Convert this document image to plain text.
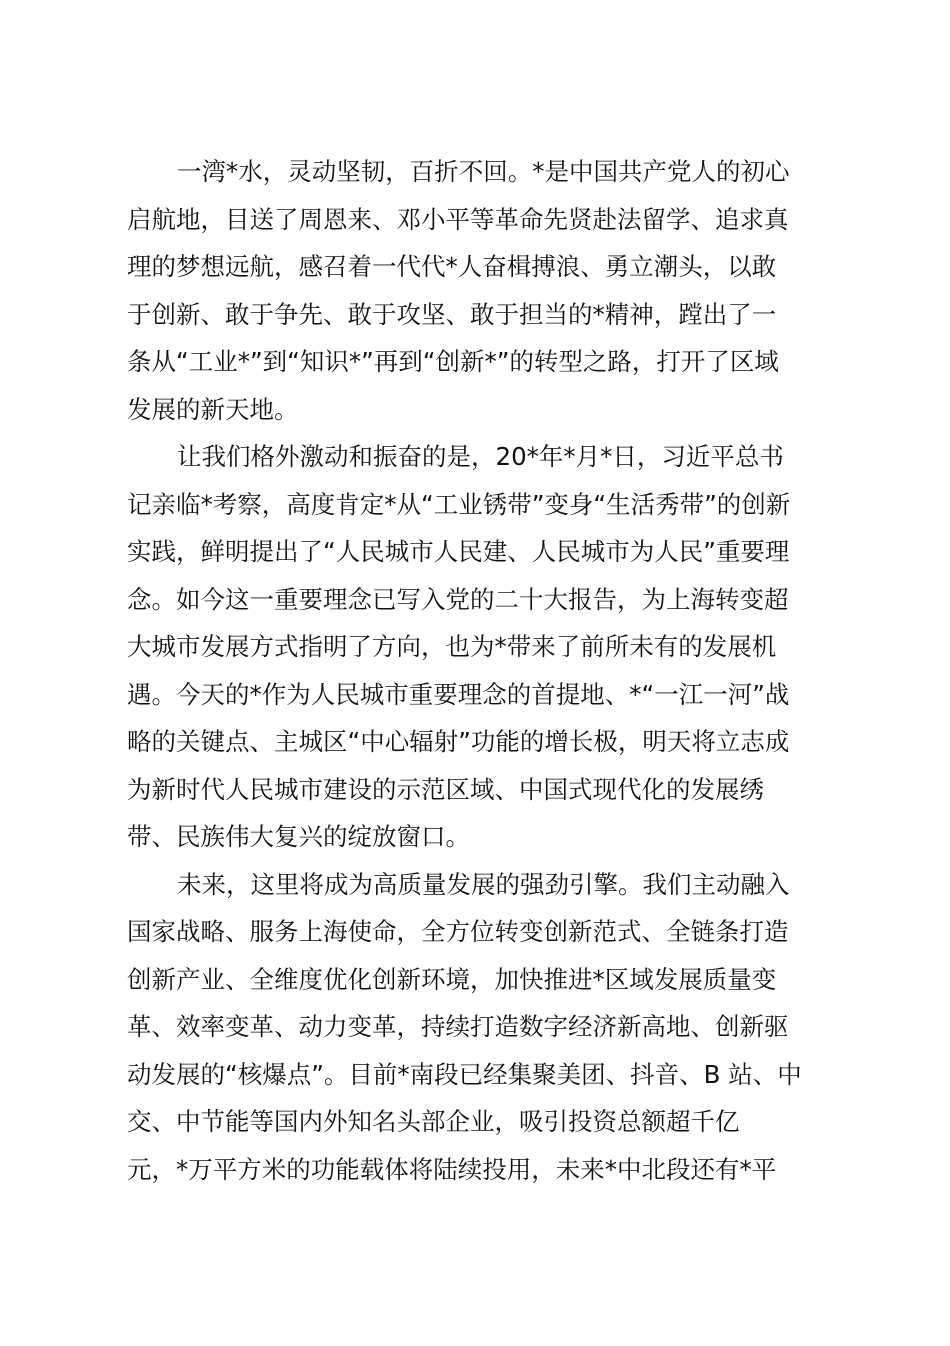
一湾*水，灵动坚韧，百折不回。*是中国共产党人的初心
启航地，目送了周恩来、邓小平等革命先贤赴法留学、追求真
理的梦想远航，感召着一代代*人奋楫搏浪、勇立潮头，以敢
于创新、敢于争先、敢于攻坚、敢于担当的*精神，蹚出了一
条从“工业*”到“知识*”再到“创新*”的转型之路，打开了区域
发展的新天地。
让我们格外激动和振奋的是，20*年*月*日，习近平总书
记亲临*考察，高度肯定*从“工业锈带”变身“生活秀带”的创新
实践，鲜明提出了“人民城市人民建、人民城市为人民”重要理
念。如今这一重要理念已写入党的二十大报告，为上海转变超
大城市发展方式指明了方向，也为*带来了前所未有的发展机
遇。今天的*作为人民城市重要理念的首提地、*“一江一河”战
略的关键点、主城区“中心辐射”功能的增长极，明天将立志成
为新时代人民城市建设的示范区域、中国式现代化的发展绣
带、民族伟大复兴的绽放窗口。
未来，这里将成为高质量发展的强劲引擎。我们主动融入
国家战略、服务上海使命，全方位转变创新范式、全链条打造
创新产业、全维度优化创新环境，加快推进*区域发展质量变
革、效率变革、动力变革，持续打造数字经济新高地、创新驱
动发展的“核爆点”。目前*南段已经集聚美团、抖音、B 站、中
交、中节能等国内外知名头部企业，吸引投资总额超千亿
元，*万平方米的功能载体将陆续投用，未来*中北段还有*平
